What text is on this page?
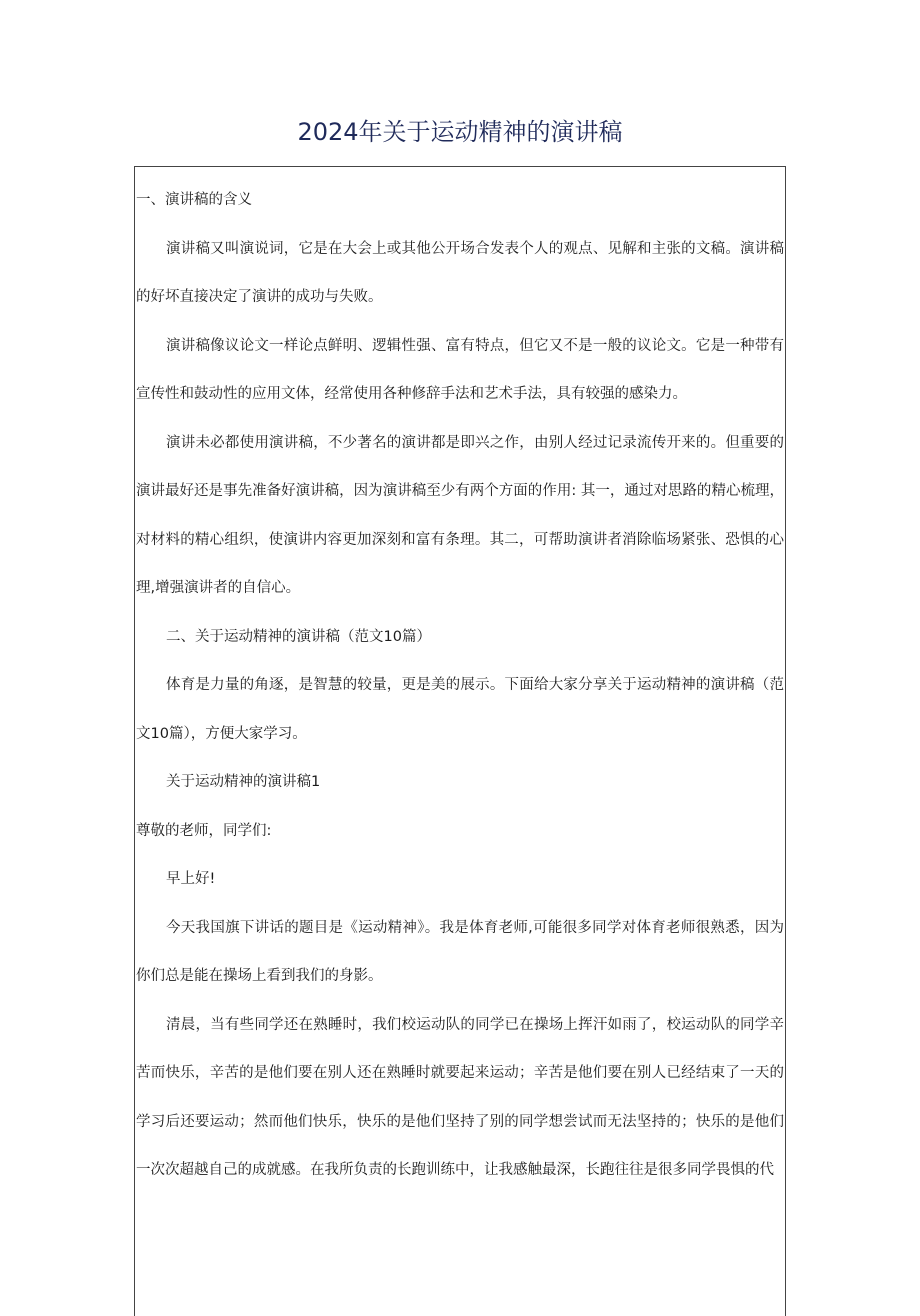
2024年关于运动精神的演讲稿

一、演讲稿的含义

演讲稿又叫演说词，它是在大会上或其他公开场合发表个人的观点、见解和主张的文稿。演讲稿的好坏直接决定了演讲的成功与失败。

演讲稿像议论文一样论点鲜明、逻辑性强、富有特点，但它又不是一般的议论文。它是一种带有宣传性和鼓动性的应用文体，经常使用各种修辞手法和艺术手法，具有较强的感染力。

演讲未必都使用演讲稿，不少著名的演讲都是即兴之作，由别人经过记录流传开来的。但重要的演讲最好还是事先准备好演讲稿，因为演讲稿至少有两个方面的作用: 其一，通过对思路的精心梳理，对材料的精心组织，使演讲内容更加深刻和富有条理。其二，可帮助演讲者消除临场紧张、恐惧的心理,增强演讲者的自信心。

二、关于运动精神的演讲稿（范文10篇）

体育是力量的角逐，是智慧的较量，更是美的展示。下面给大家分享关于运动精神的演讲稿（范文10篇），方便大家学习。

关于运动精神的演讲稿1

尊敬的老师，同学们:

早上好!

今天我国旗下讲话的题目是《运动精神》。我是体育老师,可能很多同学对体育老师很熟悉，因为你们总是能在操场上看到我们的身影。

清晨，当有些同学还在熟睡时，我们校运动队的同学已在操场上挥汗如雨了，校运动队的同学辛苦而快乐，辛苦的是他们要在别人还在熟睡时就要起来运动；辛苦是他们要在别人已经结束了一天的学习后还要运动；然而他们快乐，快乐的是他们坚持了别的同学想尝试而无法坚持的；快乐的是他们一次次超越自己的成就感。在我所负责的长跑训练中，让我感触最深，长跑往往是很多同学畏惧的代
